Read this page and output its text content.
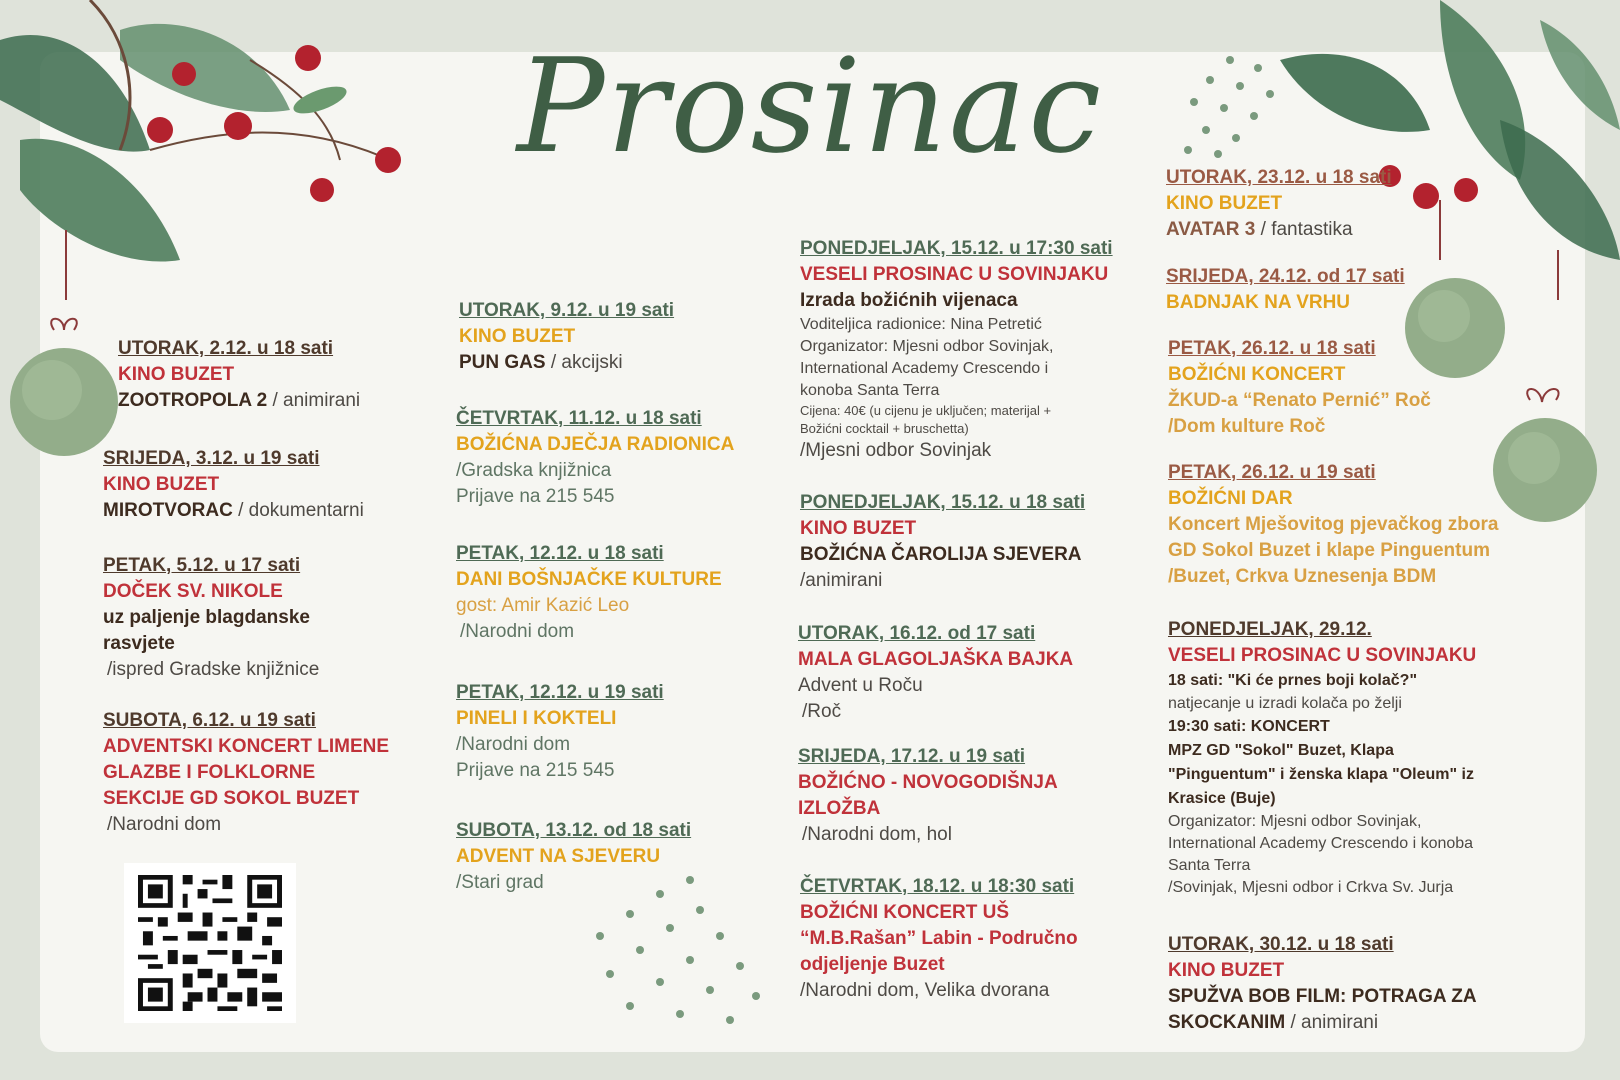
Prosinac
UTORAK, 2.12. u 18 sati
KINO BUZET
ZOOTROPOLA 2 / animirani
SRIJEDA, 3.12. u 19 sati
KINO BUZET
MIROTVORAC / dokumentarni
PETAK, 5.12. u 17 sati
DOČEK SV. NIKOLE
uz paljenje blagdanske
rasvjete
/ispred Gradske knjižnice
SUBOTA, 6.12. u 19 sati
ADVENTSKI KONCERT LIMENE
GLAZBE I FOLKLORNE
SEKCIJE GD SOKOL BUZET
/Narodni dom
UTORAK, 9.12. u 19 sati
KINO BUZET
PUN GAS / akcijski
ČETVRTAK, 11.12. u 18 sati
BOŽIĆNA DJEČJA RADIONICA
/Gradska knjižnica
Prijave na 215 545
PETAK, 12.12. u 18 sati
DANI BOŠNJAČKE KULTURE
gost: Amir Kazić Leo
/Narodni dom
PETAK, 12.12. u 19 sati
PINELI I KOKTELI
/Narodni dom
Prijave na 215 545
SUBOTA, 13.12. od 18 sati
ADVENT NA SJEVERU
/Stari grad
PONEDJELJAK, 15.12. u 17:30 sati
VESELI PROSINAC U SOVINJAKU
Izrada božićnih vijenaca
Voditeljica radionice: Nina Petretić
Organizator: Mjesni odbor Sovinjak,
International Academy Crescendo i
konoba Santa Terra
Cijena: 40€ (u cijenu je uključen; materijal +
Božićni cocktail + bruschetta)
/Mjesni odbor Sovinjak
PONEDJELJAK, 15.12. u 18 sati
KINO BUZET
BOŽIĆNA ČAROLIJA SJEVERA
/animirani
UTORAK, 16.12. od 17 sati
MALA GLAGOLJAŠKA BAJKA
Advent u Roču
/Roč
SRIJEDA, 17.12. u 19 sati
BOŽIĆNO - NOVOGODIŠNJA
IZLOŽBA
/Narodni dom, hol
ČETVRTAK, 18.12. u 18:30 sati
BOŽIĆNI KONCERT UŠ
“M.B.Rašan” Labin - Područno
odjeljenje Buzet
/Narodni dom, Velika dvorana
UTORAK, 23.12. u 18 sati
KINO BUZET
AVATAR 3 / fantastika
SRIJEDA, 24.12. od 17 sati
BADNJAK NA VRHU
PETAK, 26.12. u 18 sati
BOŽIĆNI KONCERT
ŽKUD-a “Renato Pernić” Roč
/Dom kulture Roč
PETAK, 26.12. u 19 sati
BOŽIĆNI DAR
Koncert Mješovitog pjevačkog zbora
GD Sokol Buzet i klape Pinguentum
/Buzet, Crkva Uznesenja BDM
PONEDJELJAK, 29.12.
VESELI PROSINAC U SOVINJAKU
18 sati: "Ki će prnes boji kolač?"
natjecanje u izradi kolača po želji
19:30 sati: KONCERT
MPZ GD "Sokol" Buzet, Klapa
"Pinguentum" i ženska klapa "Oleum" iz
Krasice (Buje)
Organizator: Mjesni odbor Sovinjak,
International Academy Crescendo i konoba
Santa Terra
/Sovinjak, Mjesni odbor i Crkva Sv. Jurja
UTORAK, 30.12. u 18 sati
KINO BUZET
SPUŽVA BOB FILM: POTRAGA ZA
SKOCKANIM / animirani
